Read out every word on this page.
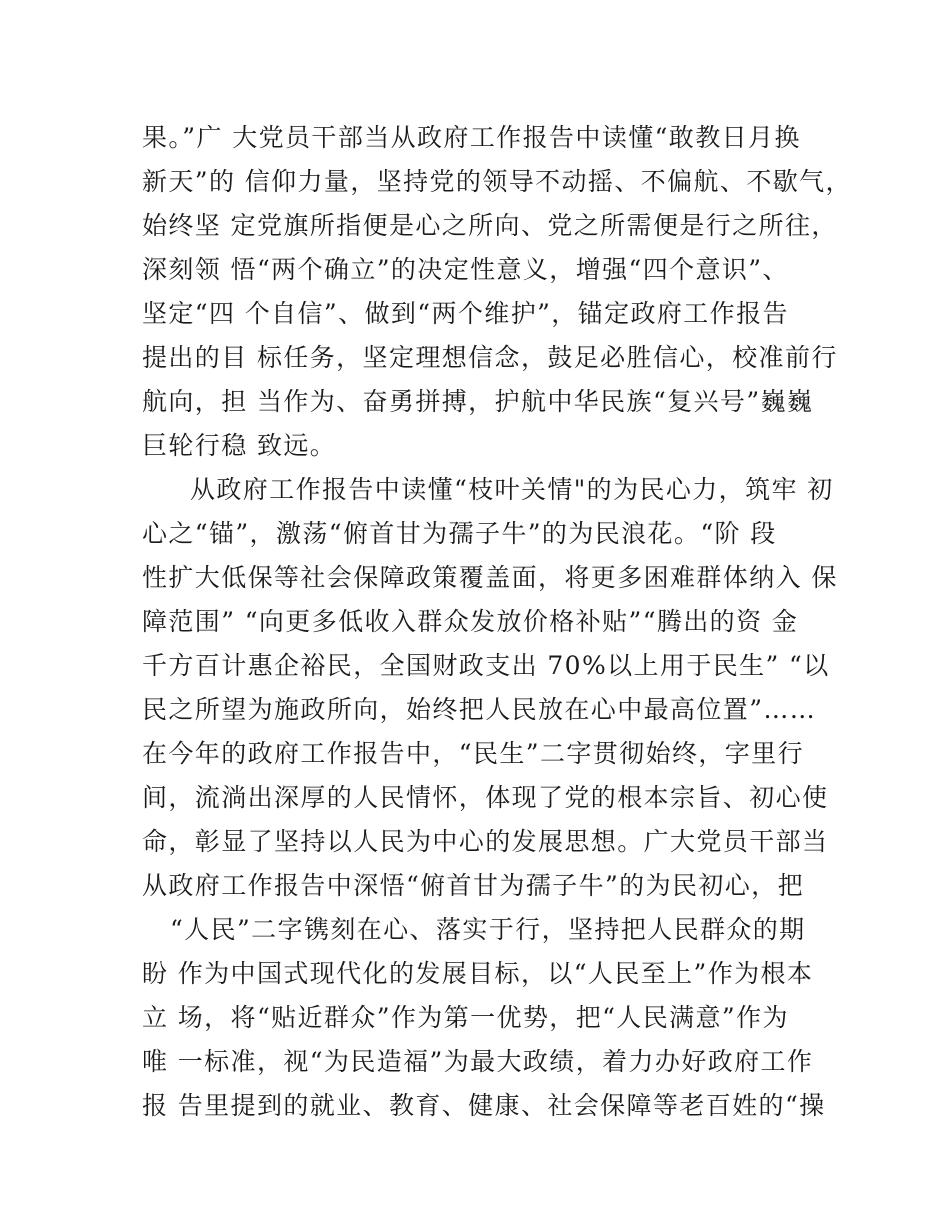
果。”广 大党员干部当从政府工作报告中读懂“敢教日月换
新天”的 信仰力量，坚持党的领导不动摇、不偏航、不歇气，
始终坚 定党旗所指便是心之所向、党之所需便是行之所往，
深刻领 悟“两个确立”的决定性意义，增强“四个意识”、
坚定“四 个自信”、做到“两个维护”，锚定政府工作报告
提出的目 标任务，坚定理想信念，鼓足必胜信心，校准前行
航向，担 当作为、奋勇拼搏，护航中华民族“复兴号”巍巍
巨轮行稳 致远。
从政府工作报告中读懂“枝叶关情"的为民心力，筑牢 初
心之“锚”，激荡“俯首甘为孺子牛”的为民浪花。“阶 段
性扩大低保等社会保障政策覆盖面，将更多困难群体纳入 保
障范围” “向更多低收入群众发放价格补贴”“腾出的资 金
千方百计惠企裕民，全国财政支出 70%以上用于民生” “以
民之所望为施政所向，始终把人民放在心中最高位置”……
在今年的政府工作报告中，“民生”二字贯彻始终，字里行
间，流淌出深厚的人民情怀，体现了党的根本宗旨、初心使
命，彰显了坚持以人民为中心的发展思想。广大党员干部当
从政府工作报告中深悟“俯首甘为孺子牛”的为民初心，把
“人民”二字镌刻在心、落实于行，坚持把人民群众的期
盼 作为中国式现代化的发展目标，以“人民至上”作为根本
立 场，将“贴近群众”作为第一优势，把“人民满意”作为
唯 一标准，视“为民造福”为最大政绩，着力办好政府工作
报 告里提到的就业、教育、健康、社会保障等老百姓的“操
